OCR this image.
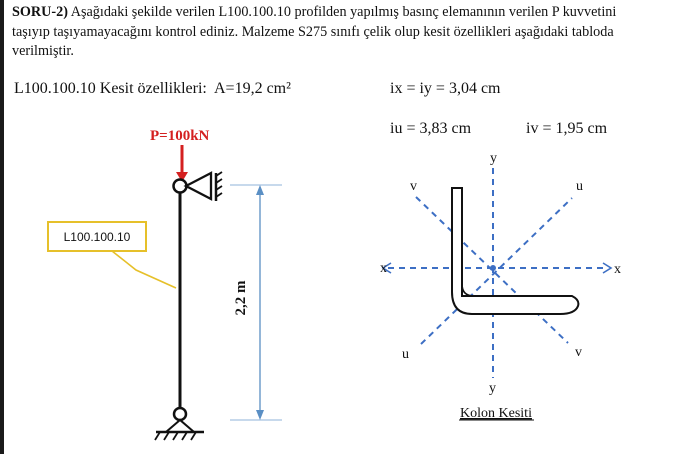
SORU-2) Aşağıdaki şekilde verilen L100.100.10 profilden yapılmış basınç elemanının verilen P kuvvetini
taşıyıp taşıyamayacağını kontrol ediniz. Malzeme S275 sınıfı çelik olup kesit özellikleri aşağıdaki tabloda
verilmiştir.
L100.100.10 Kesit özellikleri: A=19,2 cm²	ix = iy = 3,04 cm
iu = 3,83 cm	iv = 1,95 cm
P=100kN
L100.100.10
2,2 m
x	x
y
y
u
u
v
v
Kolon Kesiti
